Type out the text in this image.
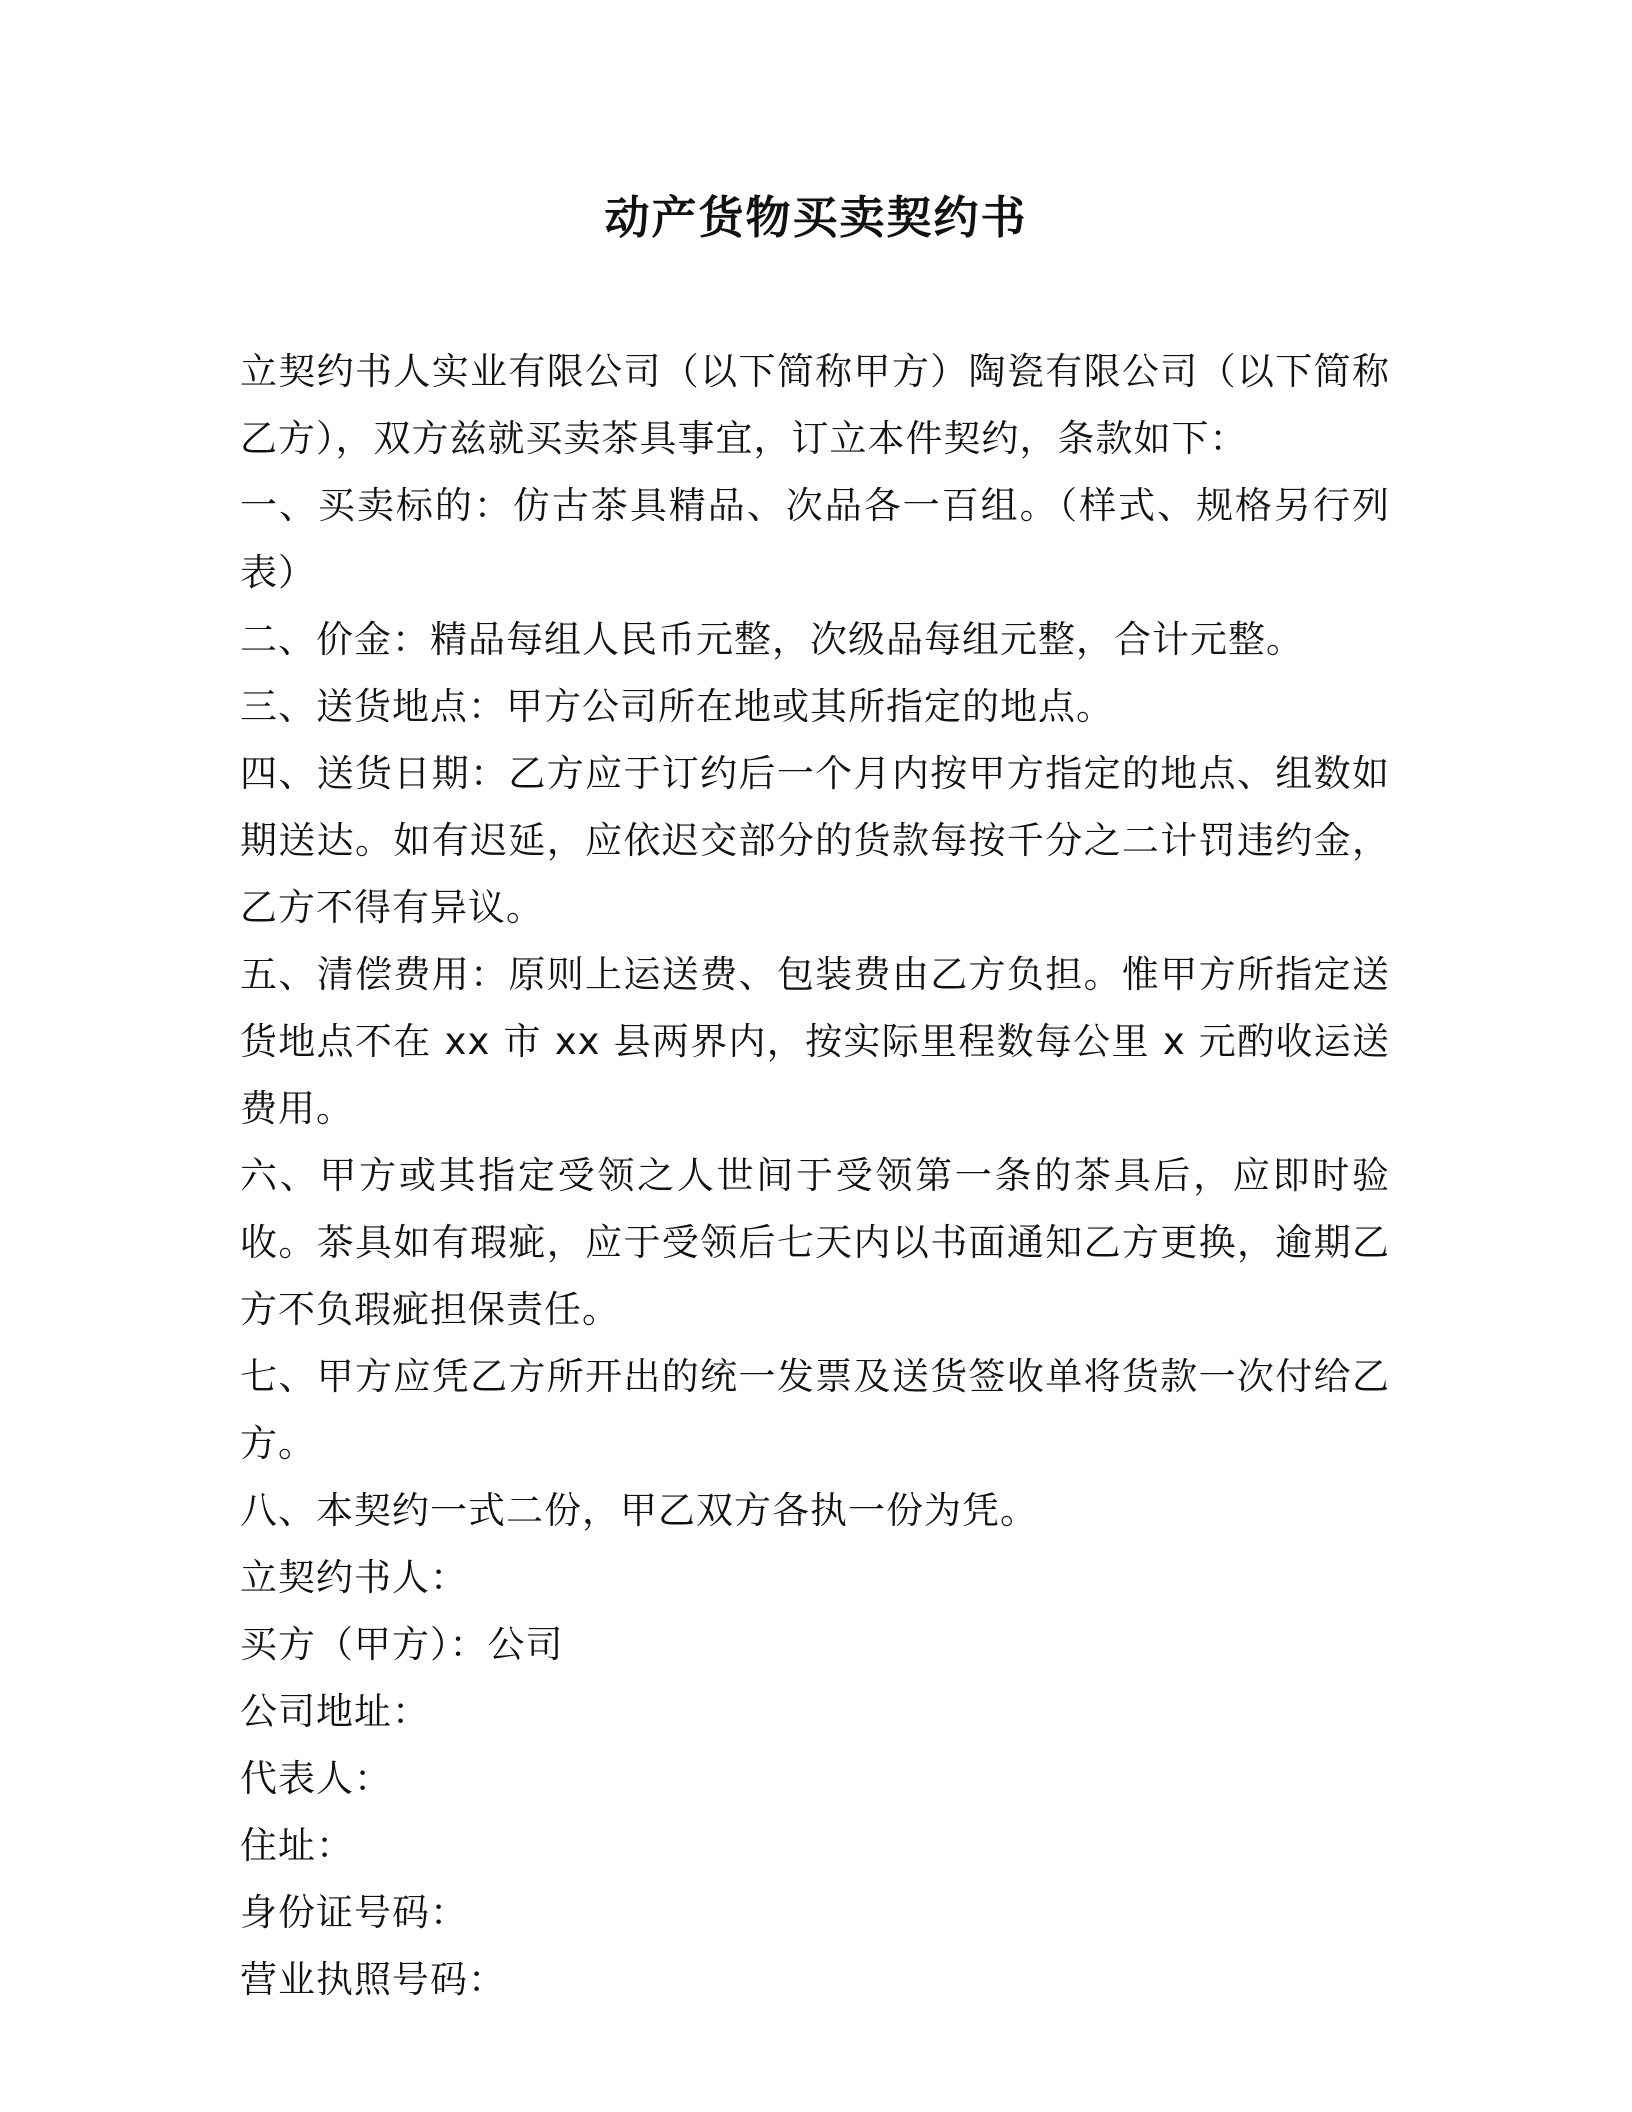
动产货物买卖契约书

立契约书人实业有限公司（以下简称甲方）陶瓷有限公司（以下简称乙方），双方兹就买卖茶具事宜，订立本件契约，条款如下：

一、买卖标的：仿古茶具精品、次品各一百组。（样式、规格另行列表）

二、价金：精品每组人民币元整，次级品每组元整，合计元整。

三、送货地点：甲方公司所在地或其所指定的地点。

四、送货日期：乙方应于订约后一个月内按甲方指定的地点、组数如期送达。如有迟延，应依迟交部分的货款每按千分之二计罚违约金，乙方不得有异议。

五、清偿费用：原则上运送费、包装费由乙方负担。惟甲方所指定送货地点不在 xx 市 xx 县两界内，按实际里程数每公里 x 元酌收运送费用。

六、甲方或其指定受领之人世间于受领第一条的茶具后，应即时验收。茶具如有瑕疵，应于受领后七天内以书面通知乙方更换，逾期乙方不负瑕疵担保责任。

七、甲方应凭乙方所开出的统一发票及送货签收单将货款一次付给乙方。

八、本契约一式二份，甲乙双方各执一份为凭。

立契约书人：

买方（甲方）：公司

公司地址：

代表人：

住址：

身份证号码：

营业执照号码：
